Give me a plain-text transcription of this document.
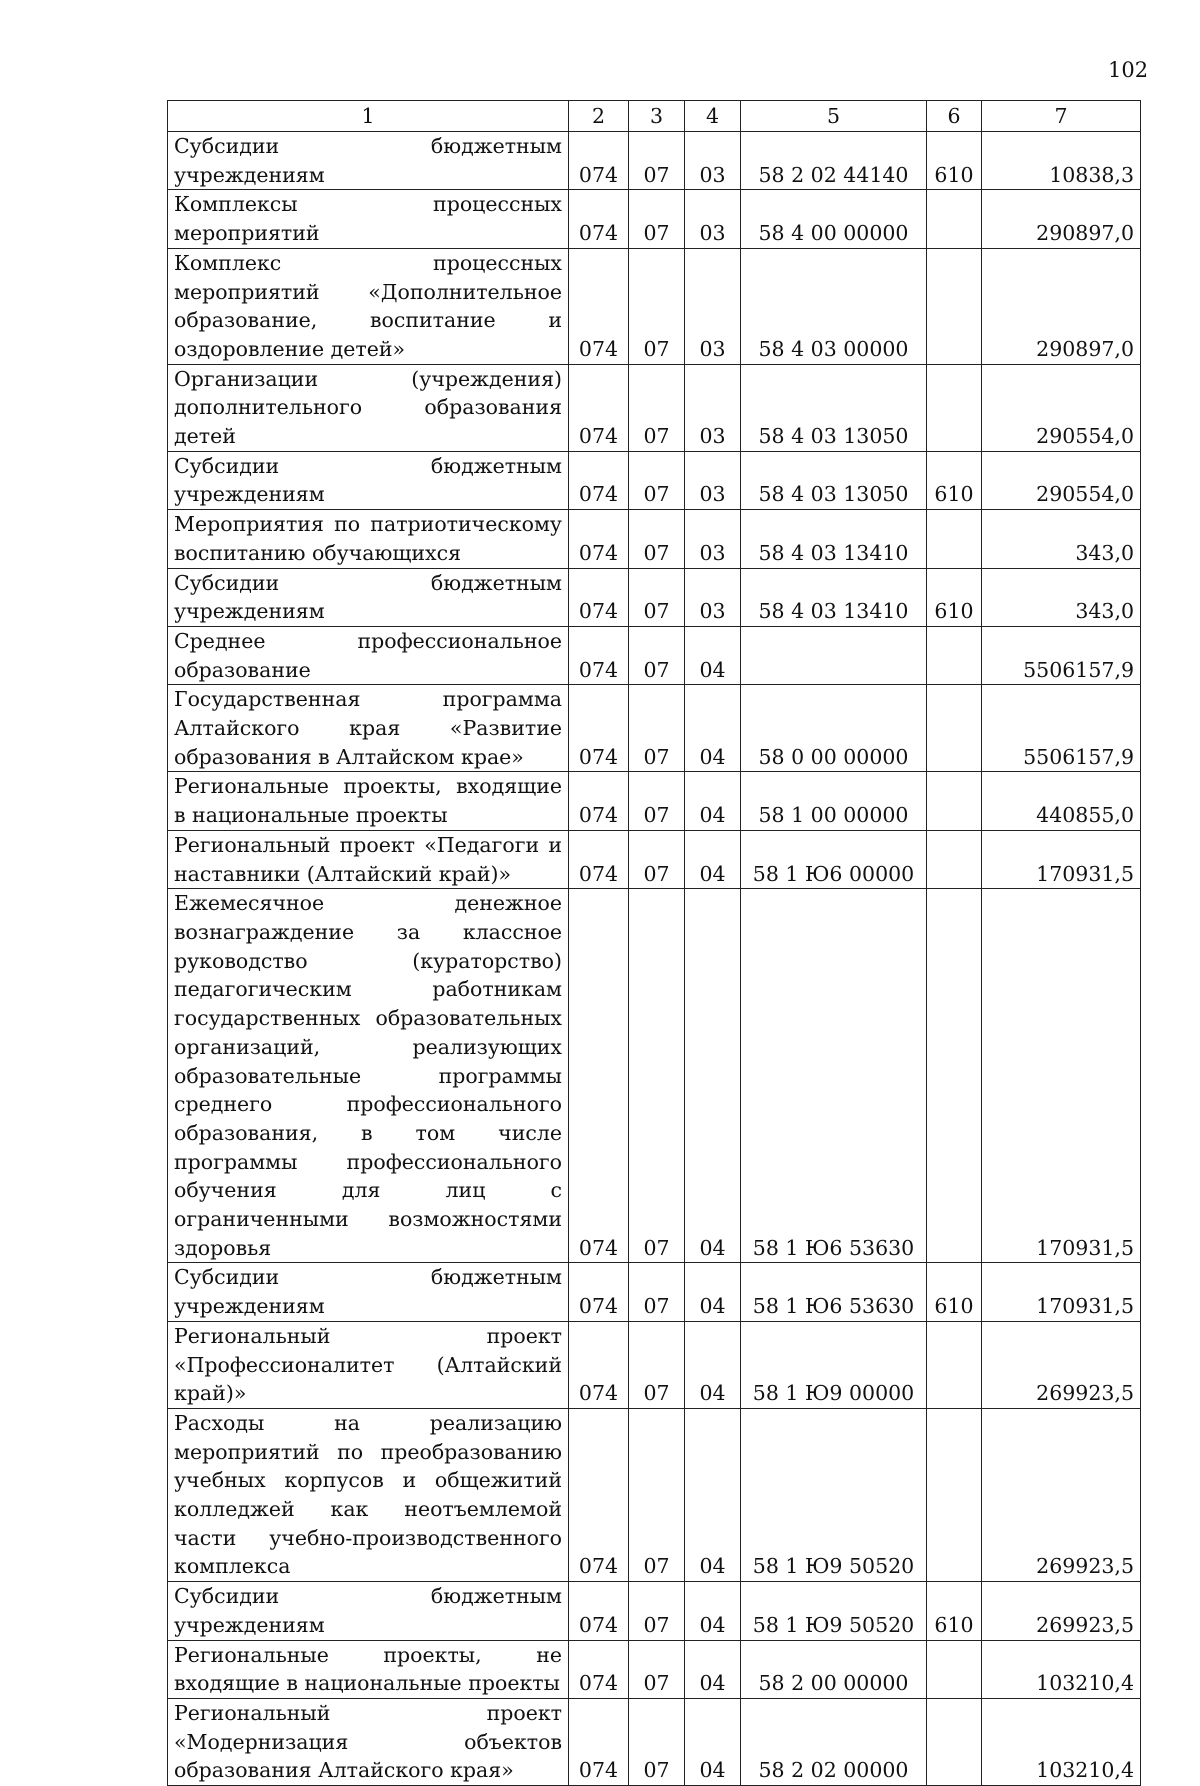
102
1	2	3	4	5	6	7
Субсидии бюджетным учреждениям	074	07	03	58 2 02 44140	610	10838,3
Комплексы процессных мероприятий	074	07	03	58 4 00 00000		290897,0
Комплекс процессных мероприятий «Дополнительное образование, воспитание и оздоровление детей»	074	07	03	58 4 03 00000		290897,0
Организации (учреждения) дополнительного образования детей	074	07	03	58 4 03 13050		290554,0
Субсидии бюджетным учреждениям	074	07	03	58 4 03 13050	610	290554,0
Мероприятия по патриотическому воспитанию обучающихся	074	07	03	58 4 03 13410		343,0
Субсидии бюджетным учреждениям	074	07	03	58 4 03 13410	610	343,0
Среднее профессиональное образование	074	07	04			5506157,9
Государственная программа Алтайского края «Развитие образования в Алтайском крае»	074	07	04	58 0 00 00000		5506157,9
Региональные проекты, входящие в национальные проекты	074	07	04	58 1 00 00000		440855,0
Региональный проект «Педагоги и наставники (Алтайский край)»	074	07	04	58 1 Ю6 00000		170931,5
Ежемесячное денежное вознаграждение за классное руководство (кураторство) педагогическим работникам государственных образовательных организаций, реализующих образовательные программы среднего профессионального образования, в том числе программы профессионального обучения для лиц с ограниченными возможностями здоровья	074	07	04	58 1 Ю6 53630		170931,5
Субсидии бюджетным учреждениям	074	07	04	58 1 Ю6 53630	610	170931,5
Региональный проект «Профессионалитет (Алтайский край)»	074	07	04	58 1 Ю9 00000		269923,5
Расходы на реализацию мероприятий по преобразованию учебных корпусов и общежитий колледжей как неотъемлемой части учебно-производственного комплекса	074	07	04	58 1 Ю9 50520		269923,5
Субсидии бюджетным учреждениям	074	07	04	58 1 Ю9 50520	610	269923,5
Региональные проекты, не входящие в национальные проекты	074	07	04	58 2 00 00000		103210,4
Региональный проект «Модернизация объектов образования Алтайского края»	074	07	04	58 2 02 00000		103210,4
